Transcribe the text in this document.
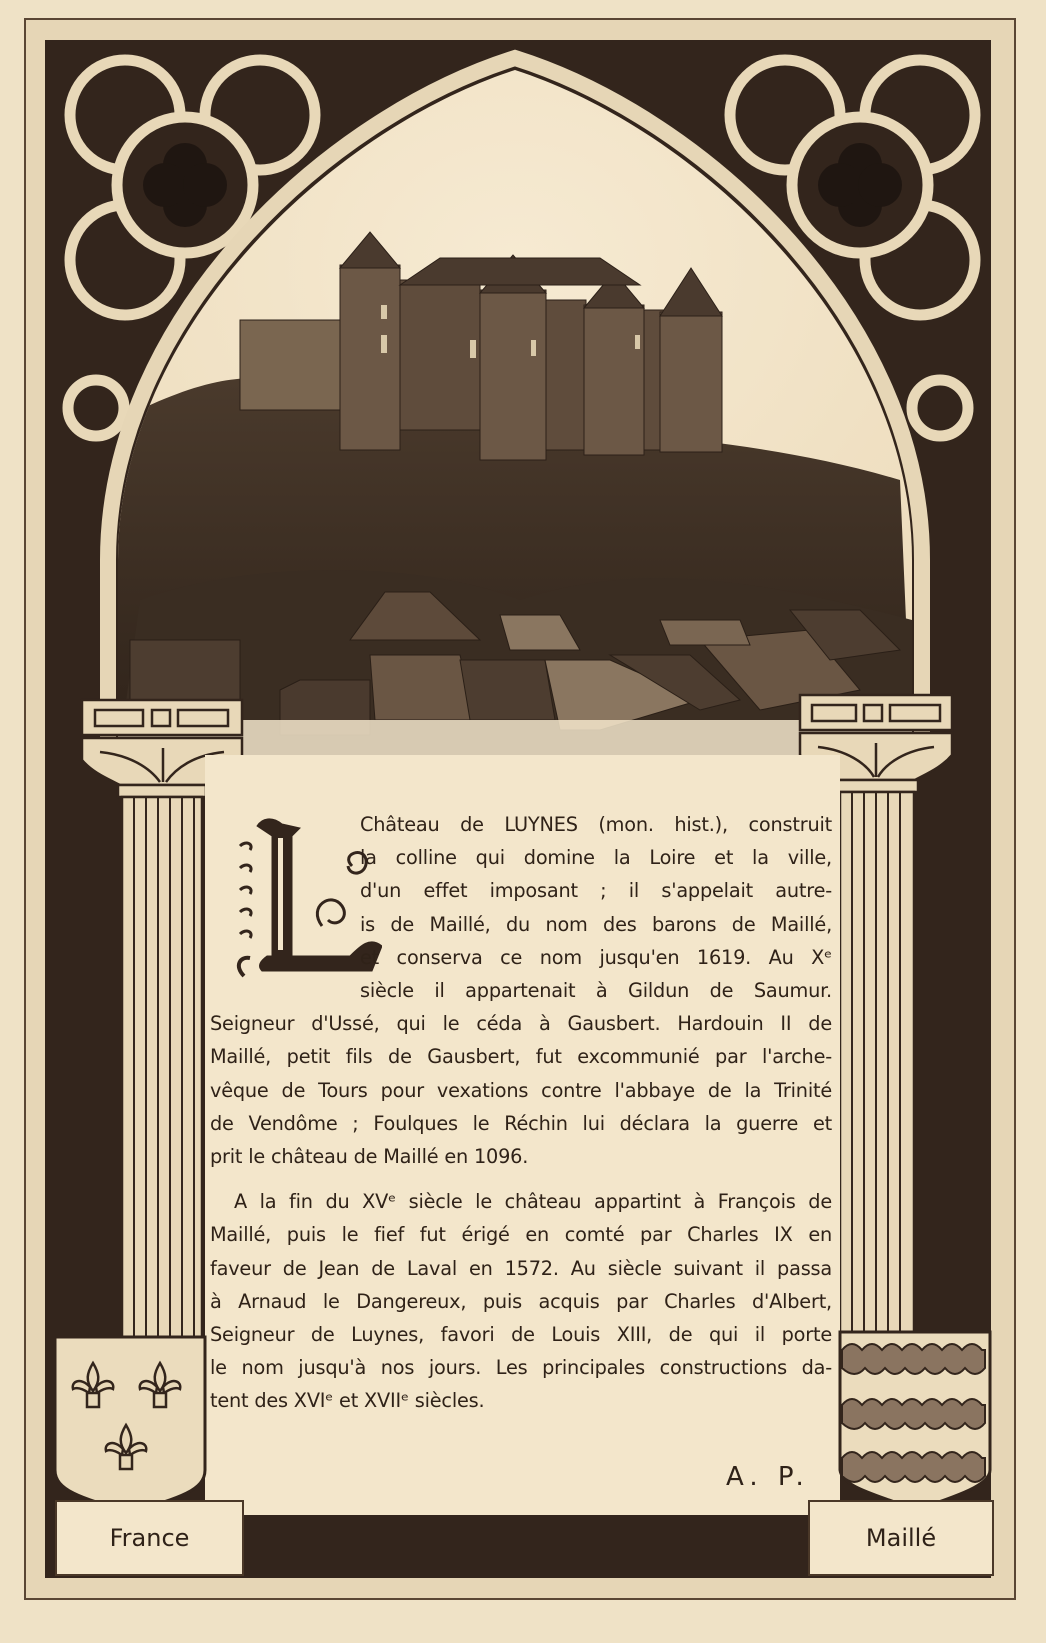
Château de LUYNES (mon. hist.), construit
la colline qui domine la Loire et la ville,
d'un effet imposant ; il s'appelait autre-
is de Maillé, du nom des barons de Maillé,
et conserva ce nom jusqu'en 1619. Au Xᵉ
siècle il appartenait à Gildun de Saumur.
Seigneur d'Ussé, qui le céda à Gausbert. Hardouin II de
Maillé, petit fils de Gausbert, fut excommunié par l'arche-
vêque de Tours pour vexations contre l'abbaye de la Trinité
de Vendôme ; Foulques le Réchin lui déclara la guerre et
prit le château de Maillé en 1096.
A la fin du XVᵉ siècle le château appartint à François de
Maillé, puis le fief fut érigé en comté par Charles IX en
faveur de Jean de Laval en 1572. Au siècle suivant il passa
à Arnaud le Dangereux, puis acquis par Charles d'Albert,
Seigneur de Luynes, favori de Louis XIII, de qui il porte
le nom jusqu'à nos jours. Les principales constructions da-
tent des XVIᵉ et XVIIᵉ siècles.
A. P.
France	Maillé
